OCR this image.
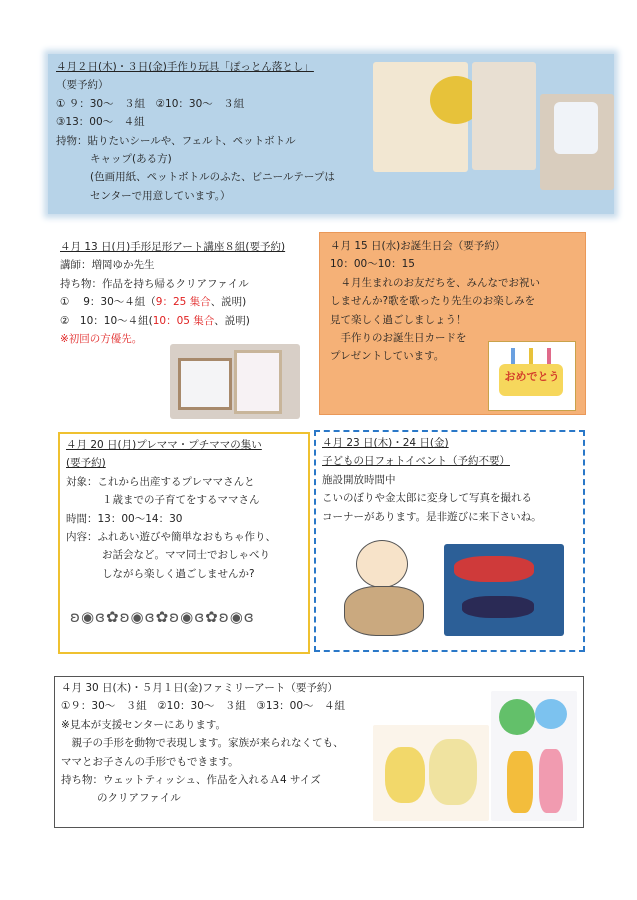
４月２日(木)・３日(金)手作り玩具「ぽっとん落とし」
（要予約）
① ９：30～　３組　②10：30～　３組
③13：00～　４組
持物：貼りたいシールや、フェルト、ペットボトル
キャップ(ある方)
(色画用紙、ペットボトルのふた、ビニールテープは
センターで用意しています。）
４月 13 日(月)手形足形アート講座８組(要予約)
講師：増岡ゆか先生
持ち物：作品を持ち帰るクリアファイル
①　 9：30～４組（9：25 集合、説明)
②　10：10～４組(10：05 集合、説明)
※初回の方優先。
４月 15 日(水)お誕生日会（要予約）
10：00～10：15
　４月生まれのお友だちを、みんなでお祝い
しませんか?歌を歌ったり先生のお楽しみを
見て楽しく過ごしましょう！
　手作りのお誕生日カードを
プレゼントしています。
おめでとう
４月 20 日(月)プレママ・プチママの集い
(要予約)
対象：これから出産するプレママさんと
１歳までの子育てをするママさん
時間：13：00～14：30
内容：ふれあい遊びや簡単なおもちゃ作り、
お話会など。ママ同士でおしゃべり
しながら楽しく過ごしませんか?
ʚ◉ɞ✿ʚ◉ɞ✿ʚ◉ɞ✿ʚ◉ɞ
４月 23 日(木)・24 日(金)
子どもの日フォトイベント（予約不要）
施設開放時間中
こいのぼりや金太郎に変身して写真を撮れる
コーナーがあります。是非遊びに来下さいね。
４月 30 日(木)・５月１日(金)ファミリーアート（要予約）
①９：30～　３組　②10：30～　３組　③13：00～　４組
※見本が支援センターにあります。
　親子の手形を動物で表現します。家族が来られなくても、
ママとお子さんの手形でもできます。
持ち物：ウェットティッシュ、作品を入れるＡ4 サイズ
のクリアファイル
